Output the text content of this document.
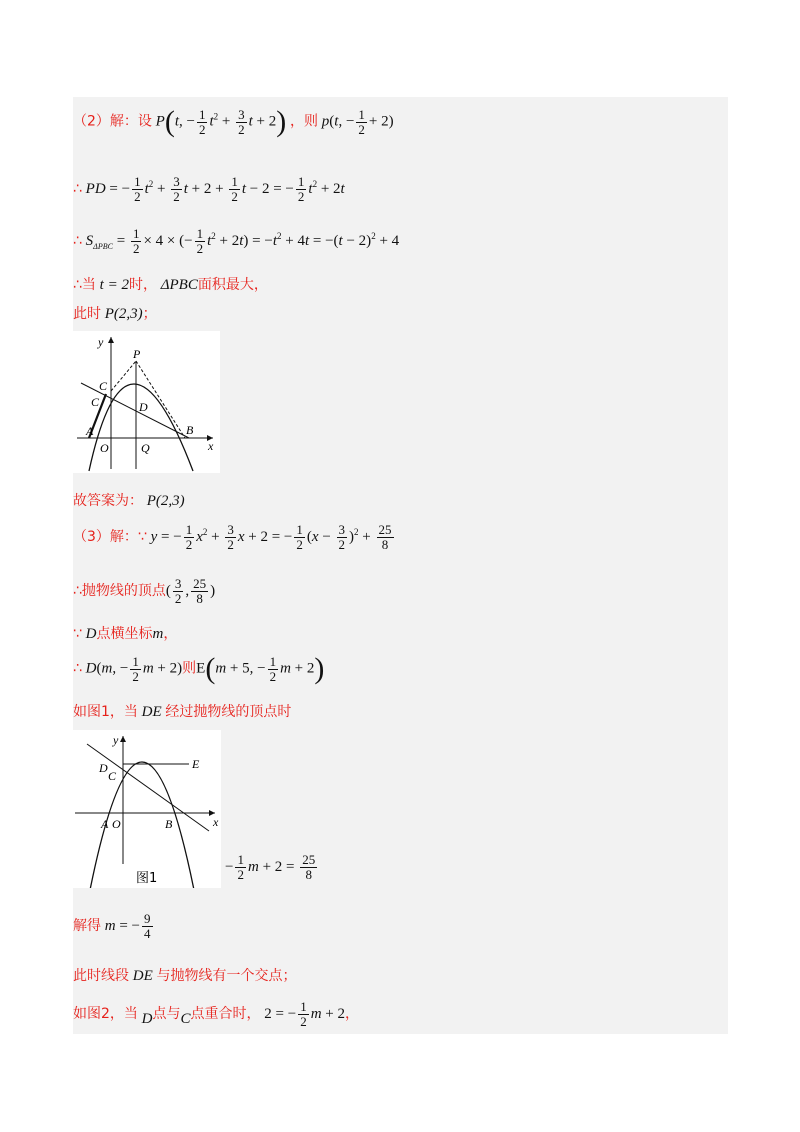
（2）解：设 P(t, − $\frac{1}{2} t^2 + \frac{3}{2}$ t + 2) ，则 p(t, − $\frac{1}{2} + 2$)
∴ PD = − $\frac{1}{2} t^2 + \frac{3}{2}$ $t + 2 + \frac{1}{2}$ t − 2 = − $\frac{1}{2} t^2 + 2t$
∴ $S_{\Delta PBC} = \frac{1}{2} \times 4$ × (− $\frac{1}{2} t^2 + 2t) = -t^2 + 4t = -(t - 2)^2 + 4$
∴当 t = 2时， ΔPBC面积最大，
此时 P(2,3)；
y
x
P
C
C	D
A
O	Q
B
故答案为： P(2,3)
（3）解：∵ y = − $\frac{1}{2} x^2 + \frac{3}{2}$ x + 2 = − $\frac{1}{2} (x - \frac{3}{2} )^2 + \frac{25}{8}$
∴抛物线的顶点( $\frac{3}{2}$ , $\frac{25}{8}$ )
∵ D点横坐标m，
∴ D(m, − $\frac{1}{2}$ m + 2)则E(m + 5, − $\frac{1}{2}$ m + 2)
如图1，当 DE 经过抛物线的顶点时
y
x
D
C
E
A O	B
图1
− $\frac{1}{2}$ $m + 2 = \frac{25}{8}$
解得 m = − $\frac{9}{4}$
此时线段 DE 与抛物线有一个交点；
如图2，当 D点与C点重合时， 2 = − $\frac{1}{2}$ m + 2，
